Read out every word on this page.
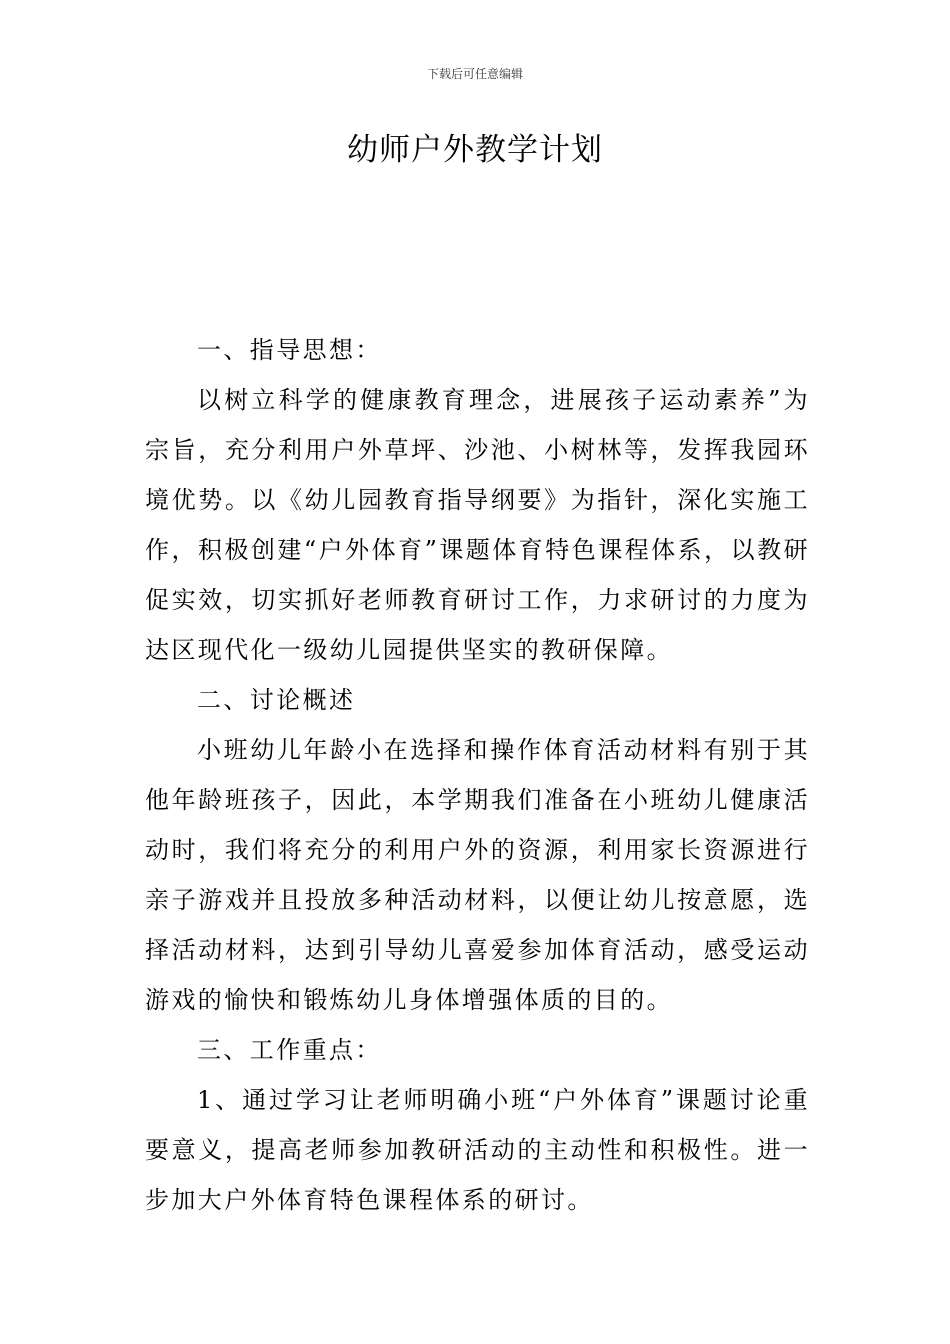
下载后可任意编辑
幼师户外教学计划

一、指导思想：

以树立科学的健康教育理念，进展孩子运动素养”为宗旨，充分利用户外草坪、沙池、小树林等，发挥我园环境优势。以《幼儿园教育指导纲要》为指针，深化实施工作，积极创建“户外体育”课题体育特色课程体系，以教研促实效，切实抓好老师教育研讨工作，力求研讨的力度为达区现代化一级幼儿园提供坚实的教研保障。

二、讨论概述

小班幼儿年龄小在选择和操作体育活动材料有别于其他年龄班孩子，因此，本学期我们准备在小班幼儿健康活动时，我们将充分的利用户外的资源，利用家长资源进行亲子游戏并且投放多种活动材料，以便让幼儿按意愿，选择活动材料，达到引导幼儿喜爱参加体育活动，感受运动游戏的愉快和锻炼幼儿身体增强体质的目的。

三、工作重点：

1、通过学习让老师明确小班“户外体育”课题讨论重要意义，提高老师参加教研活动的主动性和积极性。进一步加大户外体育特色课程体系的研讨。
